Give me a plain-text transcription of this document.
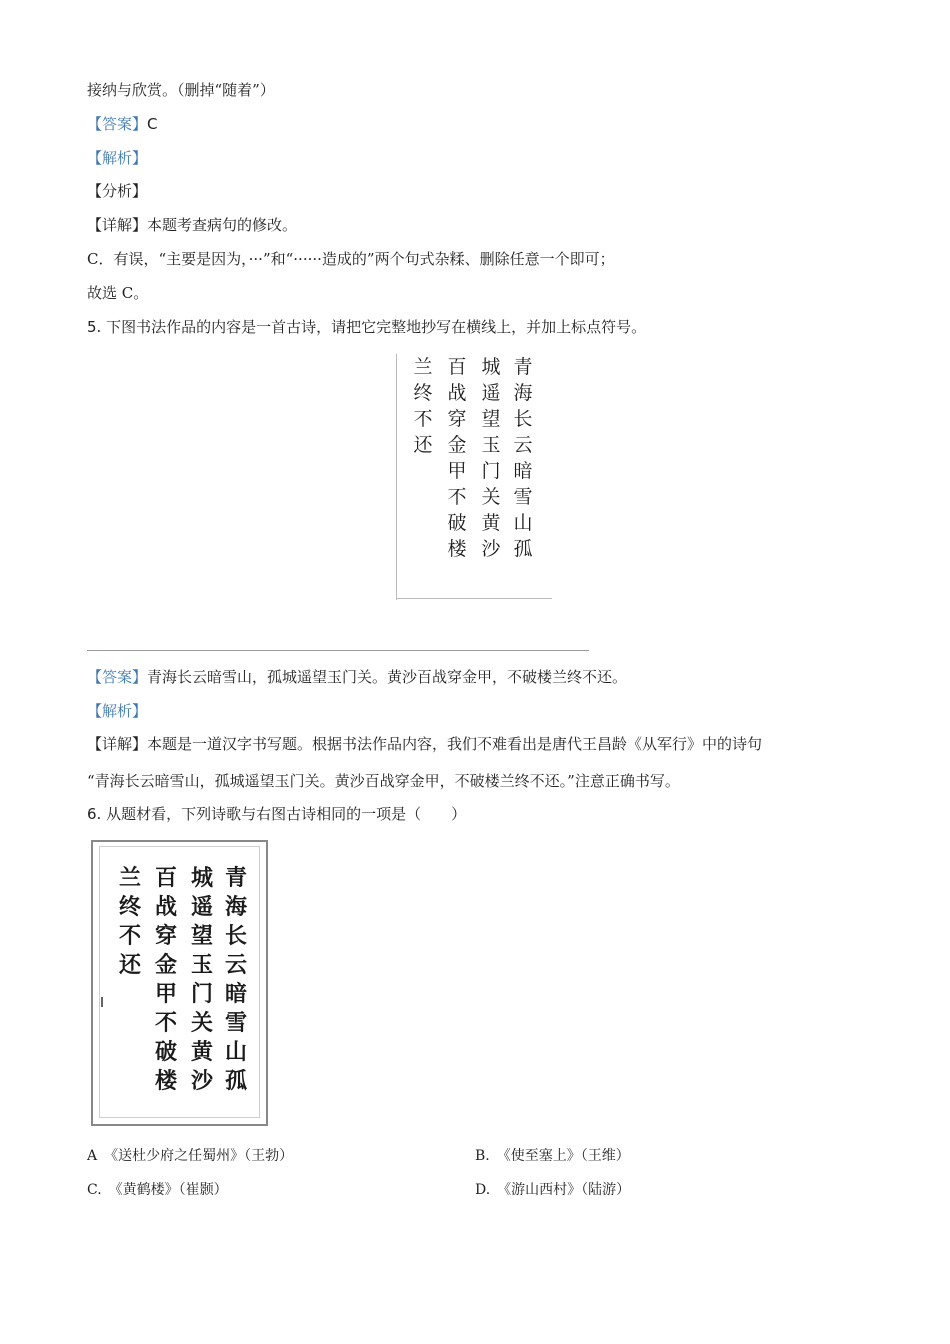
接纳与欣赏。（删掉“随着”）
【答案】C
【解析】
【分析】
【详解】本题考查病句的修改。
C．有误，“主要是因为，···”和“······造成的”两个句式杂糅、删除任意一个即可；
故选 C。
5. 下图书法作品的内容是一首古诗，请把它完整地抄写在横线上，并加上标点符号。
青
海
长
云
暗
雪
山
孤
城
遥
望
玉
门
关
黄
沙
百
战
穿
金
甲
不
破
楼
兰
终
不
还
【答案】青海长云暗雪山，孤城遥望玉门关。黄沙百战穿金甲，不破楼兰终不还。
【解析】
【详解】本题是一道汉字书写题。根据书法作品内容，我们不难看出是唐代王昌龄《从军行》中的诗句
“青海长云暗雪山，孤城遥望玉门关。黄沙百战穿金甲，不破楼兰终不还。”注意正确书写。
6. 从题材看，下列诗歌与右图古诗相同的一项是（　　）
青
海
长
云
暗
雪
山
孤
城
遥
望
玉
门
关
黄
沙
百
战
穿
金
甲
不
破
楼
兰
终
不
还
A　《送杜少府之任蜀州》（王勃）	B.　《使至塞上》（王维）
C.　《黄鹤楼》（崔颢）	D.　《游山西村》（陆游）
